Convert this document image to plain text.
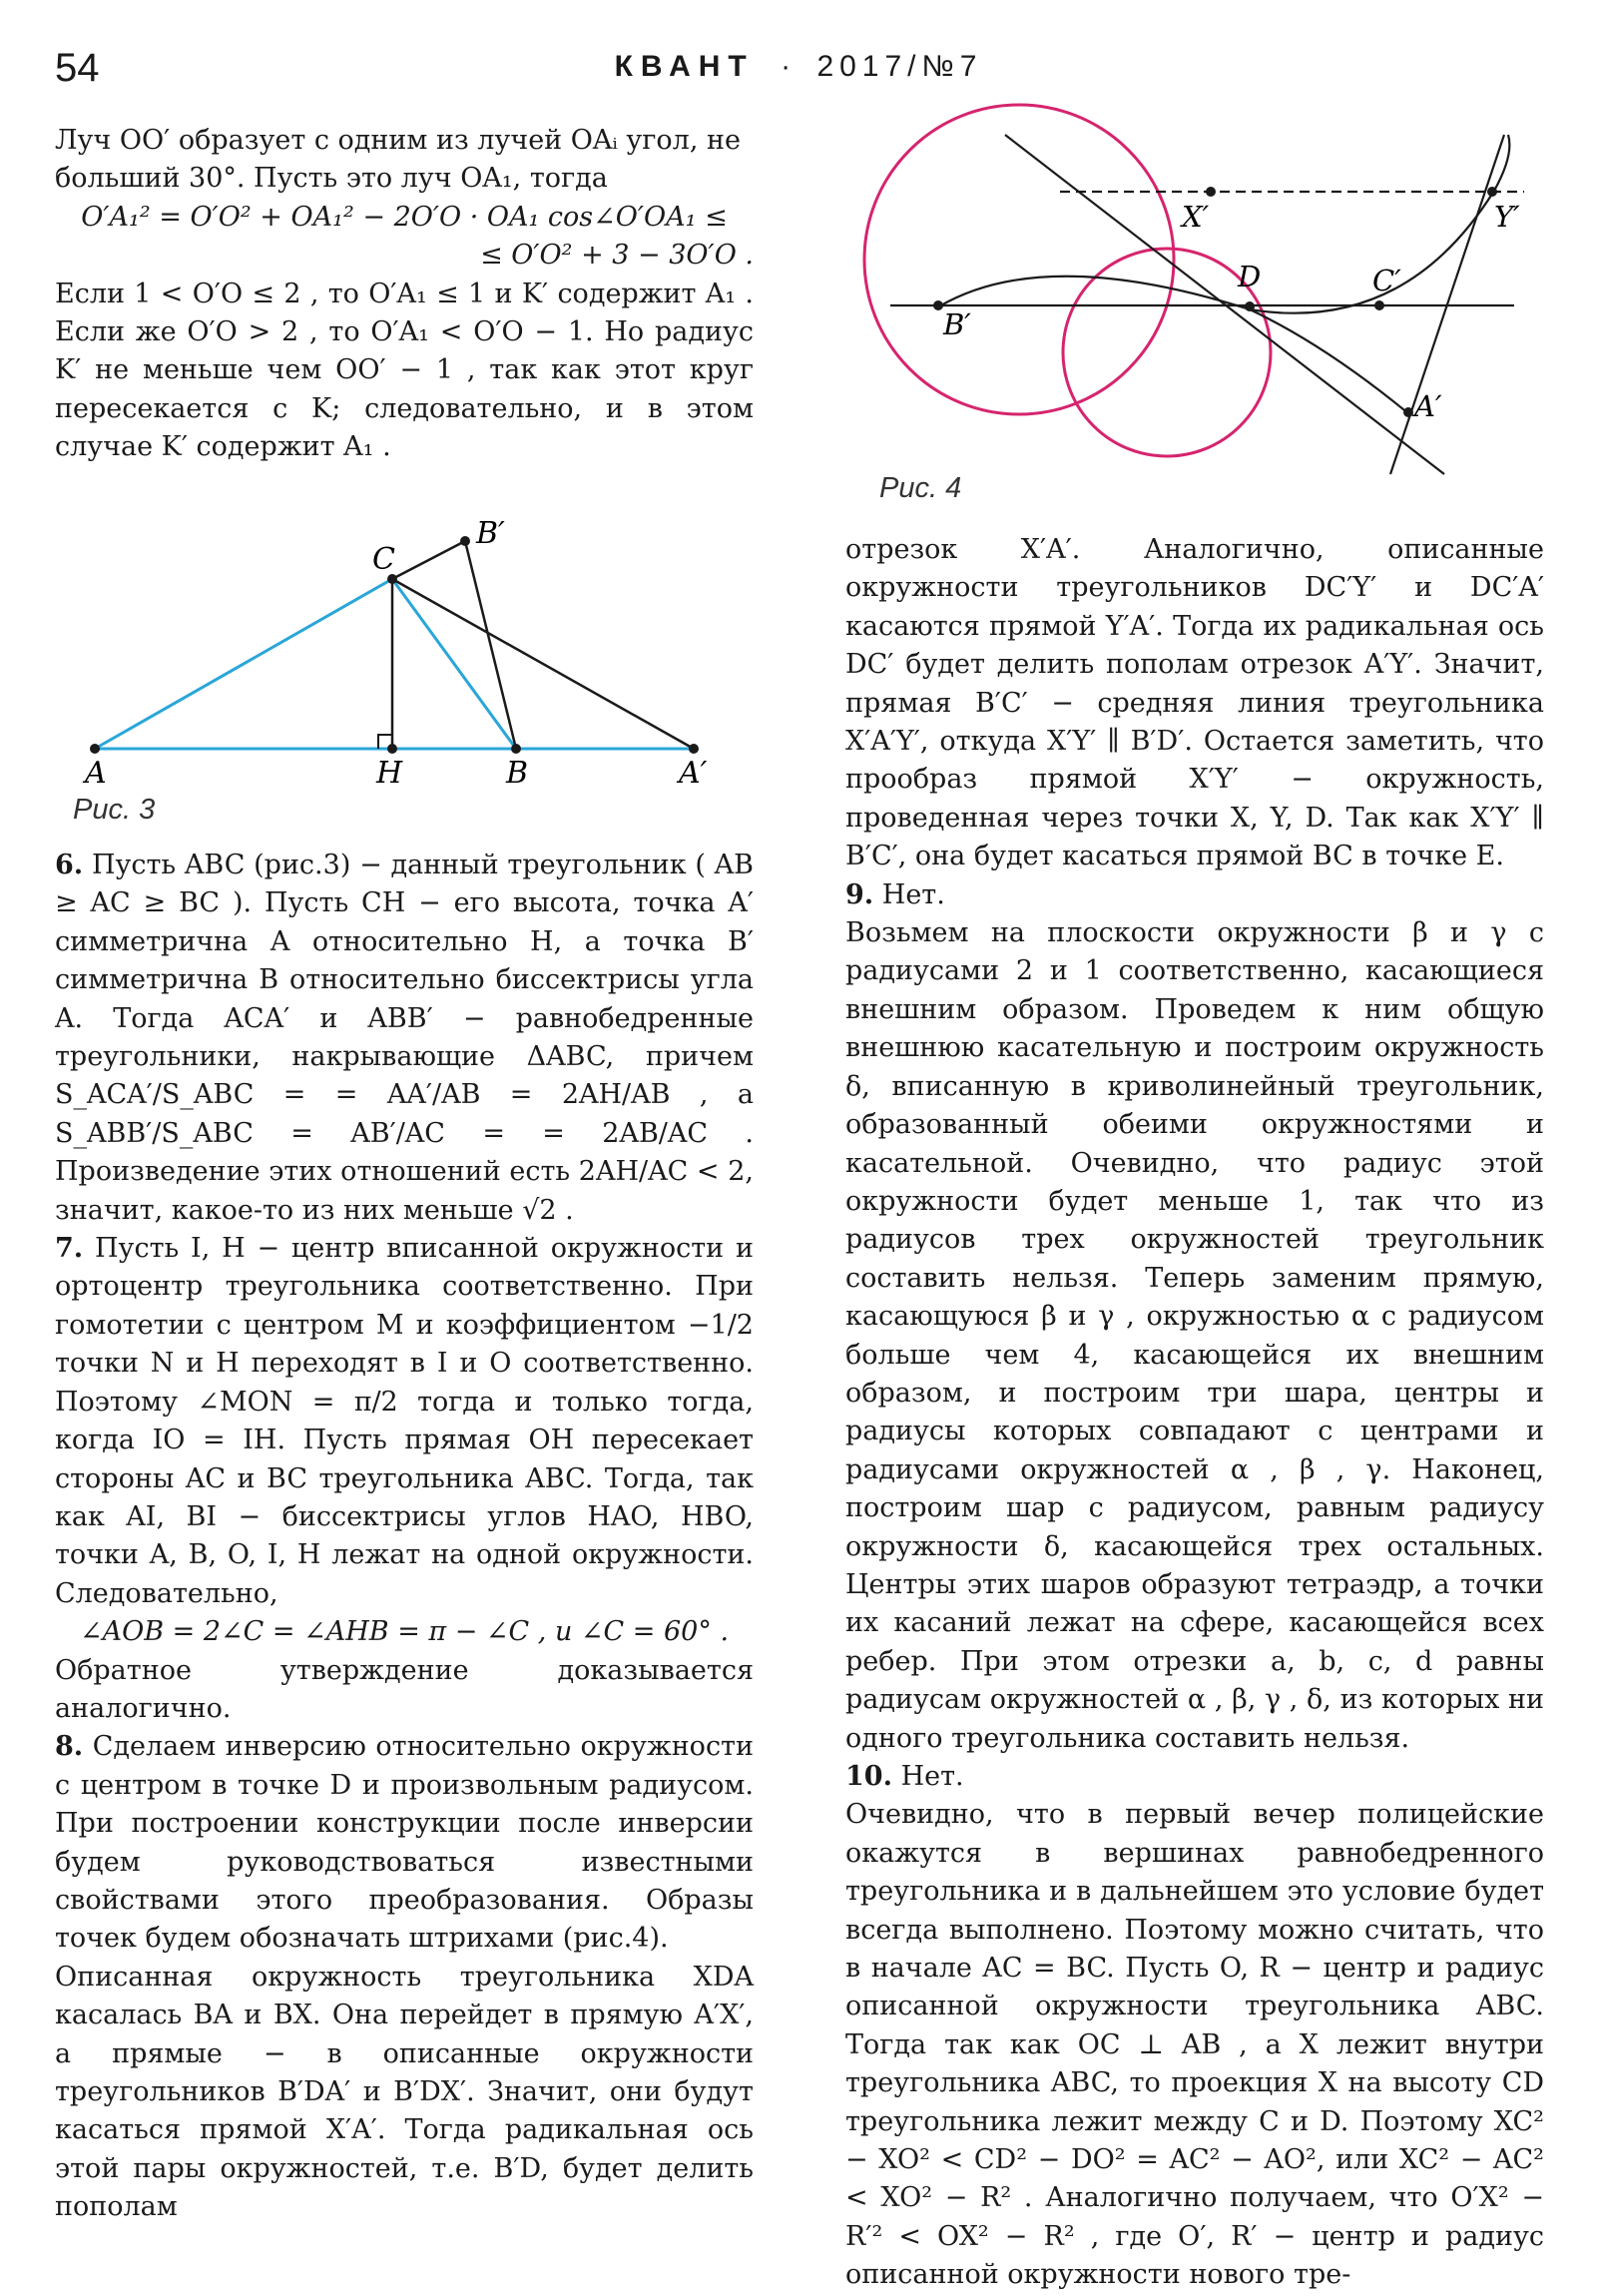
54	КВАНТ · 2017/№7

Луч OO′ образует с одним из лучей OAᵢ угол, не

больший 30°. Пусть это луч OA₁, тогда

O′A₁² = O′O² + OA₁² − 2O′O · OA₁ cos∠O′OA₁ ≤

≤ O′O² + 3 − 3O′O .

Если 1 < O′O ≤ 2 , то O′A₁ ≤ 1 и K′ содержит A₁ . Если же O′O > 2 , то O′A₁ < O′O − 1. Но радиус K′ не меньше чем OO′ − 1 , так как этот круг пересекается с K; следовательно, и в этом случае K′ содержит A₁ .

A	H	B	A′
C
B′
Рис. 3

6. Пусть ABC (рис.3) − данный треугольник ( AB ≥ AC ≥ BC ). Пусть CH − его высота, точка A′ симметрична A относительно H, а точка B′ симметрична B относительно биссектрисы угла A. Тогда ACA′ и ABB′ − равнобедренные треугольники, накрывающие ΔABC, причем S_ACA′/S_ABC = = AA′/AB = 2AH/AB , а S_ABB′/S_ABC = AB′/AC = = 2AB/AC . Произведение этих отношений есть 2AH/AC < 2, значит, какое-то из них меньше √2 .

7. Пусть I, H − центр вписанной окружности и ортоцентр треугольника соответственно. При гомотетии с центром M и коэффициентом −1/2 точки N и H переходят в I и O соответственно. Поэтому ∠MON = π/2 тогда и только тогда, когда IO = IH. Пусть прямая OH пересекает стороны AC и BC треугольника ABC. Тогда, так как AI, BI − биссектрисы углов HAO, HBO, точки A, B, O, I, H лежат на одной окружности. Следовательно,

∠AOB = 2∠C = ∠AHB = π − ∠C , и ∠C = 60° .

Обратное утверждение доказывается аналогично.

8. Сделаем инверсию относительно окружности с центром в точке D и произвольным радиусом. При построении конструкции после инверсии будем руководствоваться известными свойствами этого преобразования. Образы точек будем обозначать штрихами (рис.4).

Описанная окружность треугольника XDA касалась BA и BX. Она перейдет в прямую A′X′, а прямые − в описанные окружности треугольников B′DA′ и B′DX′. Значит, они будут касаться прямой X′A′. Тогда радикальная ось этой пары окружностей, т.е. B′D, будет делить пополам

X′	Y′
D	C′
B′
A′
Рис. 4

отрезок X′A′. Аналогично, описанные окружности треугольников DC′Y′ и DC′A′ касаются прямой Y′A′. Тогда их радикальная ось DC′ будет делить пополам отрезок A′Y′. Значит, прямая B′C′ − средняя линия треугольника X′A′Y′, откуда X′Y′ ∥ B′D′. Остается заметить, что прообраз прямой X′Y′ − окружность, проведенная через точки X, Y, D. Так как X′Y′ ∥ B′C′, она будет касаться прямой BC в точке E.

9. Нет.

Возьмем на плоскости окружности β и γ с радиусами 2 и 1 соответственно, касающиеся внешним образом. Проведем к ним общую внешнюю касательную и построим окружность δ, вписанную в криволинейный треугольник, образованный обеими окружностями и касательной. Очевидно, что радиус этой окружности будет меньше 1, так что из радиусов трех окружностей треугольник составить нельзя. Теперь заменим прямую, касающуюся β и γ , окружностью α с радиусом больше чем 4, касающейся их внешним образом, и построим три шара, центры и радиусы которых совпадают с центрами и радиусами окружностей α , β , γ. Наконец, построим шар с радиусом, равным радиусу окружности δ, касающейся трех остальных. Центры этих шаров образуют тетраэдр, а точки их касаний лежат на сфере, касающейся всех ребер. При этом отрезки a, b, c, d равны радиусам окружностей α , β, γ , δ, из которых ни одного треугольника составить нельзя.

10. Нет.

Очевидно, что в первый вечер полицейские окажутся в вершинах равнобедренного треугольника и в дальнейшем это условие будет всегда выполнено. Поэтому можно считать, что в начале AC = BC. Пусть O, R − центр и радиус описанной окружности треугольника ABC. Тогда так как OC ⊥ AB , а X лежит внутри треугольника ABC, то проекция X на высоту CD треугольника лежит между C и D. Поэтому XC² − XO² < CD² − DO² = AC² − AO², или XC² − AC² < XO² − R² . Аналогично получаем, что O′X² − R′² < OX² − R² , где O′, R′ − центр и радиус описанной окружности нового тре-
